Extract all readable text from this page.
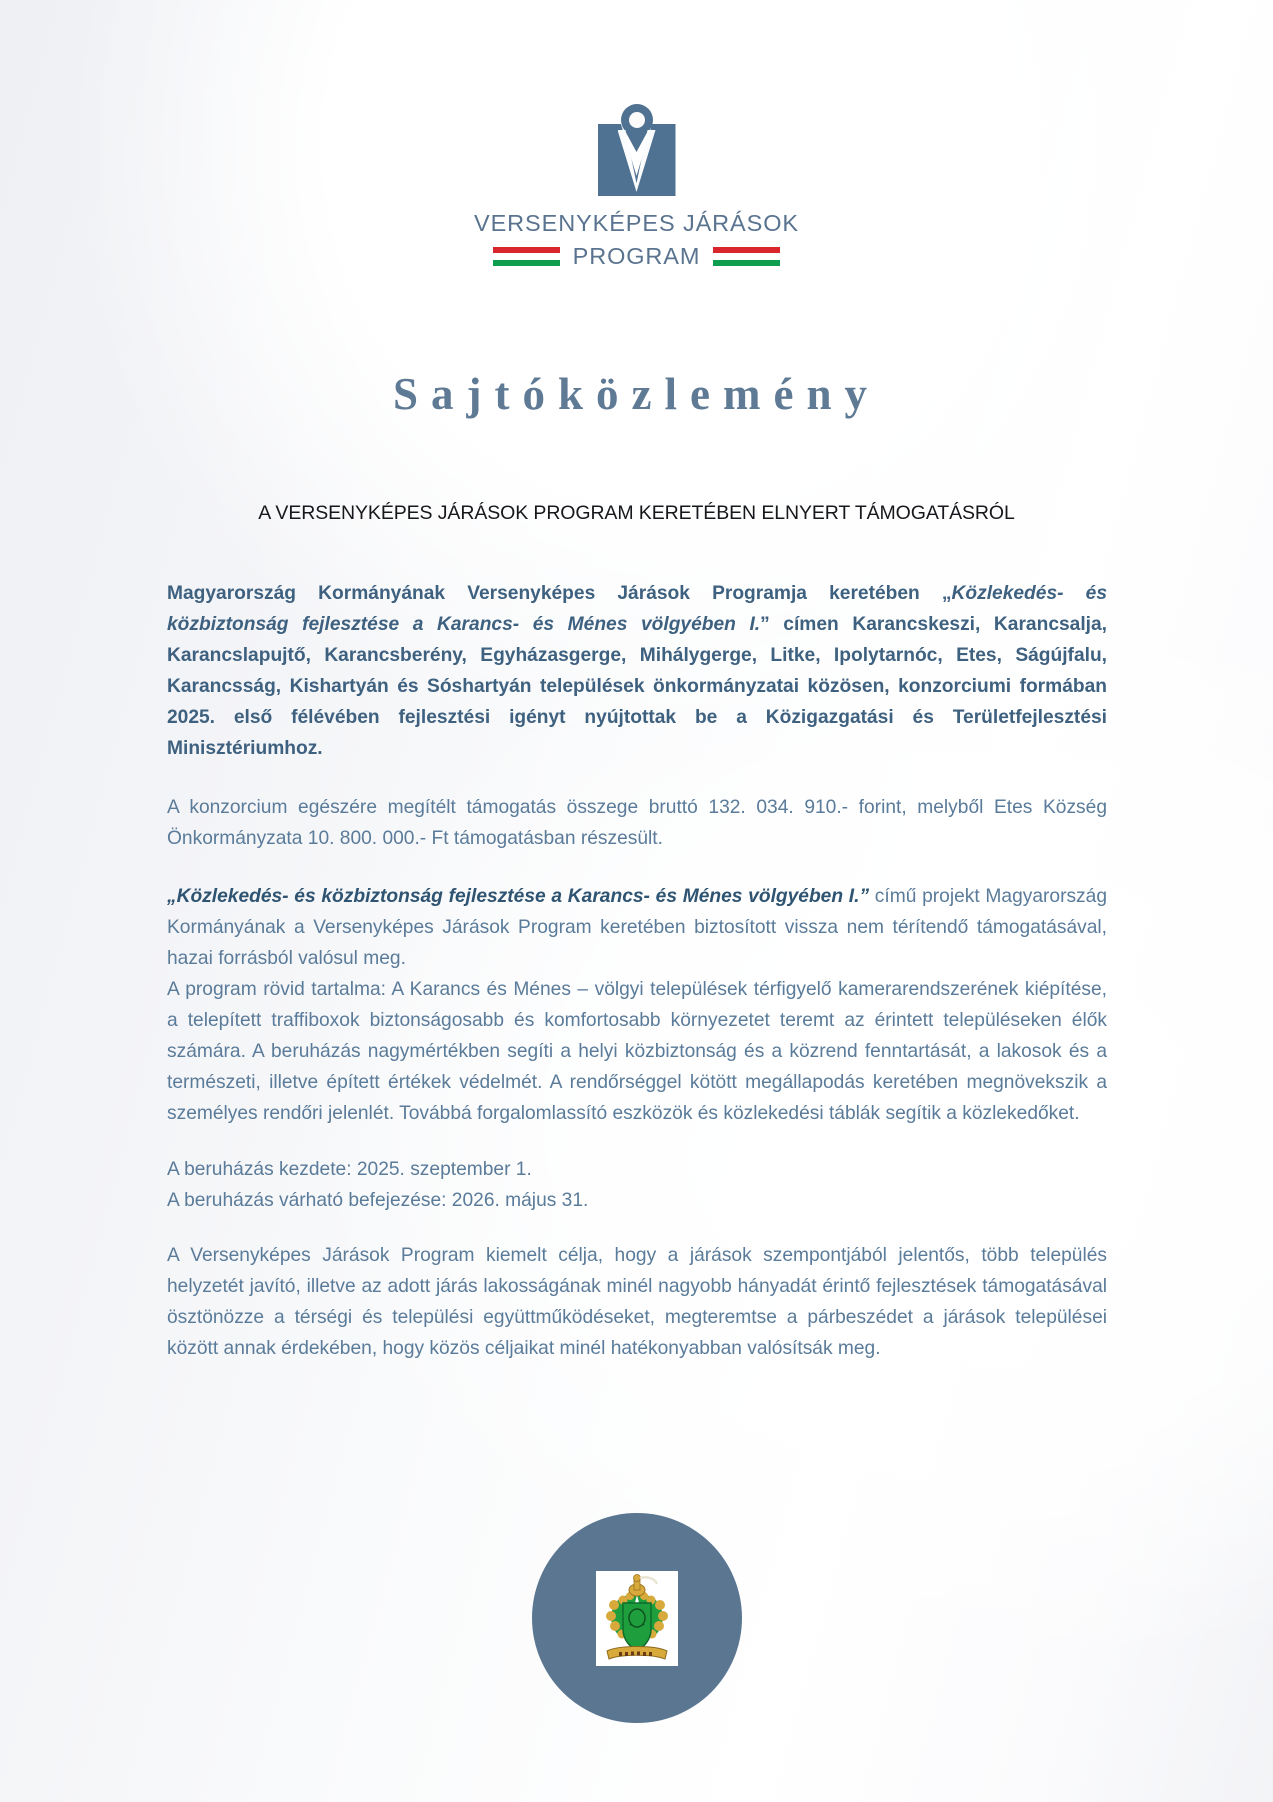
VERSENYKÉPES JÁRÁSOK
PROGRAM
Sajtóközlemény
A VERSENYKÉPES JÁRÁSOK PROGRAM KERETÉBEN ELNYERT TÁMOGATÁSRÓL

Magyarország Kormányának Versenyképes Járások Programja keretében „Közlekedés- és közbiztonság fejlesztése a Karancs- és Ménes völgyében I.” címen Karancskeszi, Karancsalja, Karancslapujtő, Karancsberény, Egyházasgerge, Mihálygerge, Litke, Ipolytarnóc, Etes, Ságújfalu, Karancsság, Kishartyán és Sóshartyán települések önkormányzatai közösen, konzorciumi formában 2025. első félévében fejlesztési igényt nyújtottak be a Közigazgatási és Területfejlesztési Minisztériumhoz.

A konzorcium egészére megítélt támogatás összege bruttó 132. 034. 910.- forint, melyből Etes Község Önkormányzata 10. 800. 000.- Ft támogatásban részesült.

„Közlekedés- és közbiztonság fejlesztése a Karancs- és Ménes völgyében I.” című projekt Magyarország Kormányának a Versenyképes Járások Program keretében biztosított vissza nem térítendő támogatásával, hazai forrásból valósul meg.

A program rövid tartalma: A Karancs és Ménes – völgyi települések térfigyelő kamerarendszerének kiépítése, a telepített traffiboxok biztonságosabb és komfortosabb környezetet teremt az érintett településeken élők számára. A beruházás nagymértékben segíti a helyi közbiztonság és a közrend fenntartását, a lakosok és a természeti, illetve épített értékek védelmét. A rendőrséggel kötött megállapodás keretében megnövekszik a személyes rendőri jelenlét. Továbbá forgalomlassító eszközök és közlekedési táblák segítik a közlekedőket.

A beruházás kezdete: 2025. szeptember 1.

A beruházás várható befejezése: 2026. május 31.

A Versenyképes Járások Program kiemelt célja, hogy a járások szempontjából jelentős, több település helyzetét javító, illetve az adott járás lakosságának minél nagyobb hányadát érintő fejlesztések támogatásával ösztönözze a térségi és települési együttműködéseket, megteremtse a párbeszédet a járások települései között annak érdekében, hogy közös céljaikat minél hatékonyabban valósítsák meg.
